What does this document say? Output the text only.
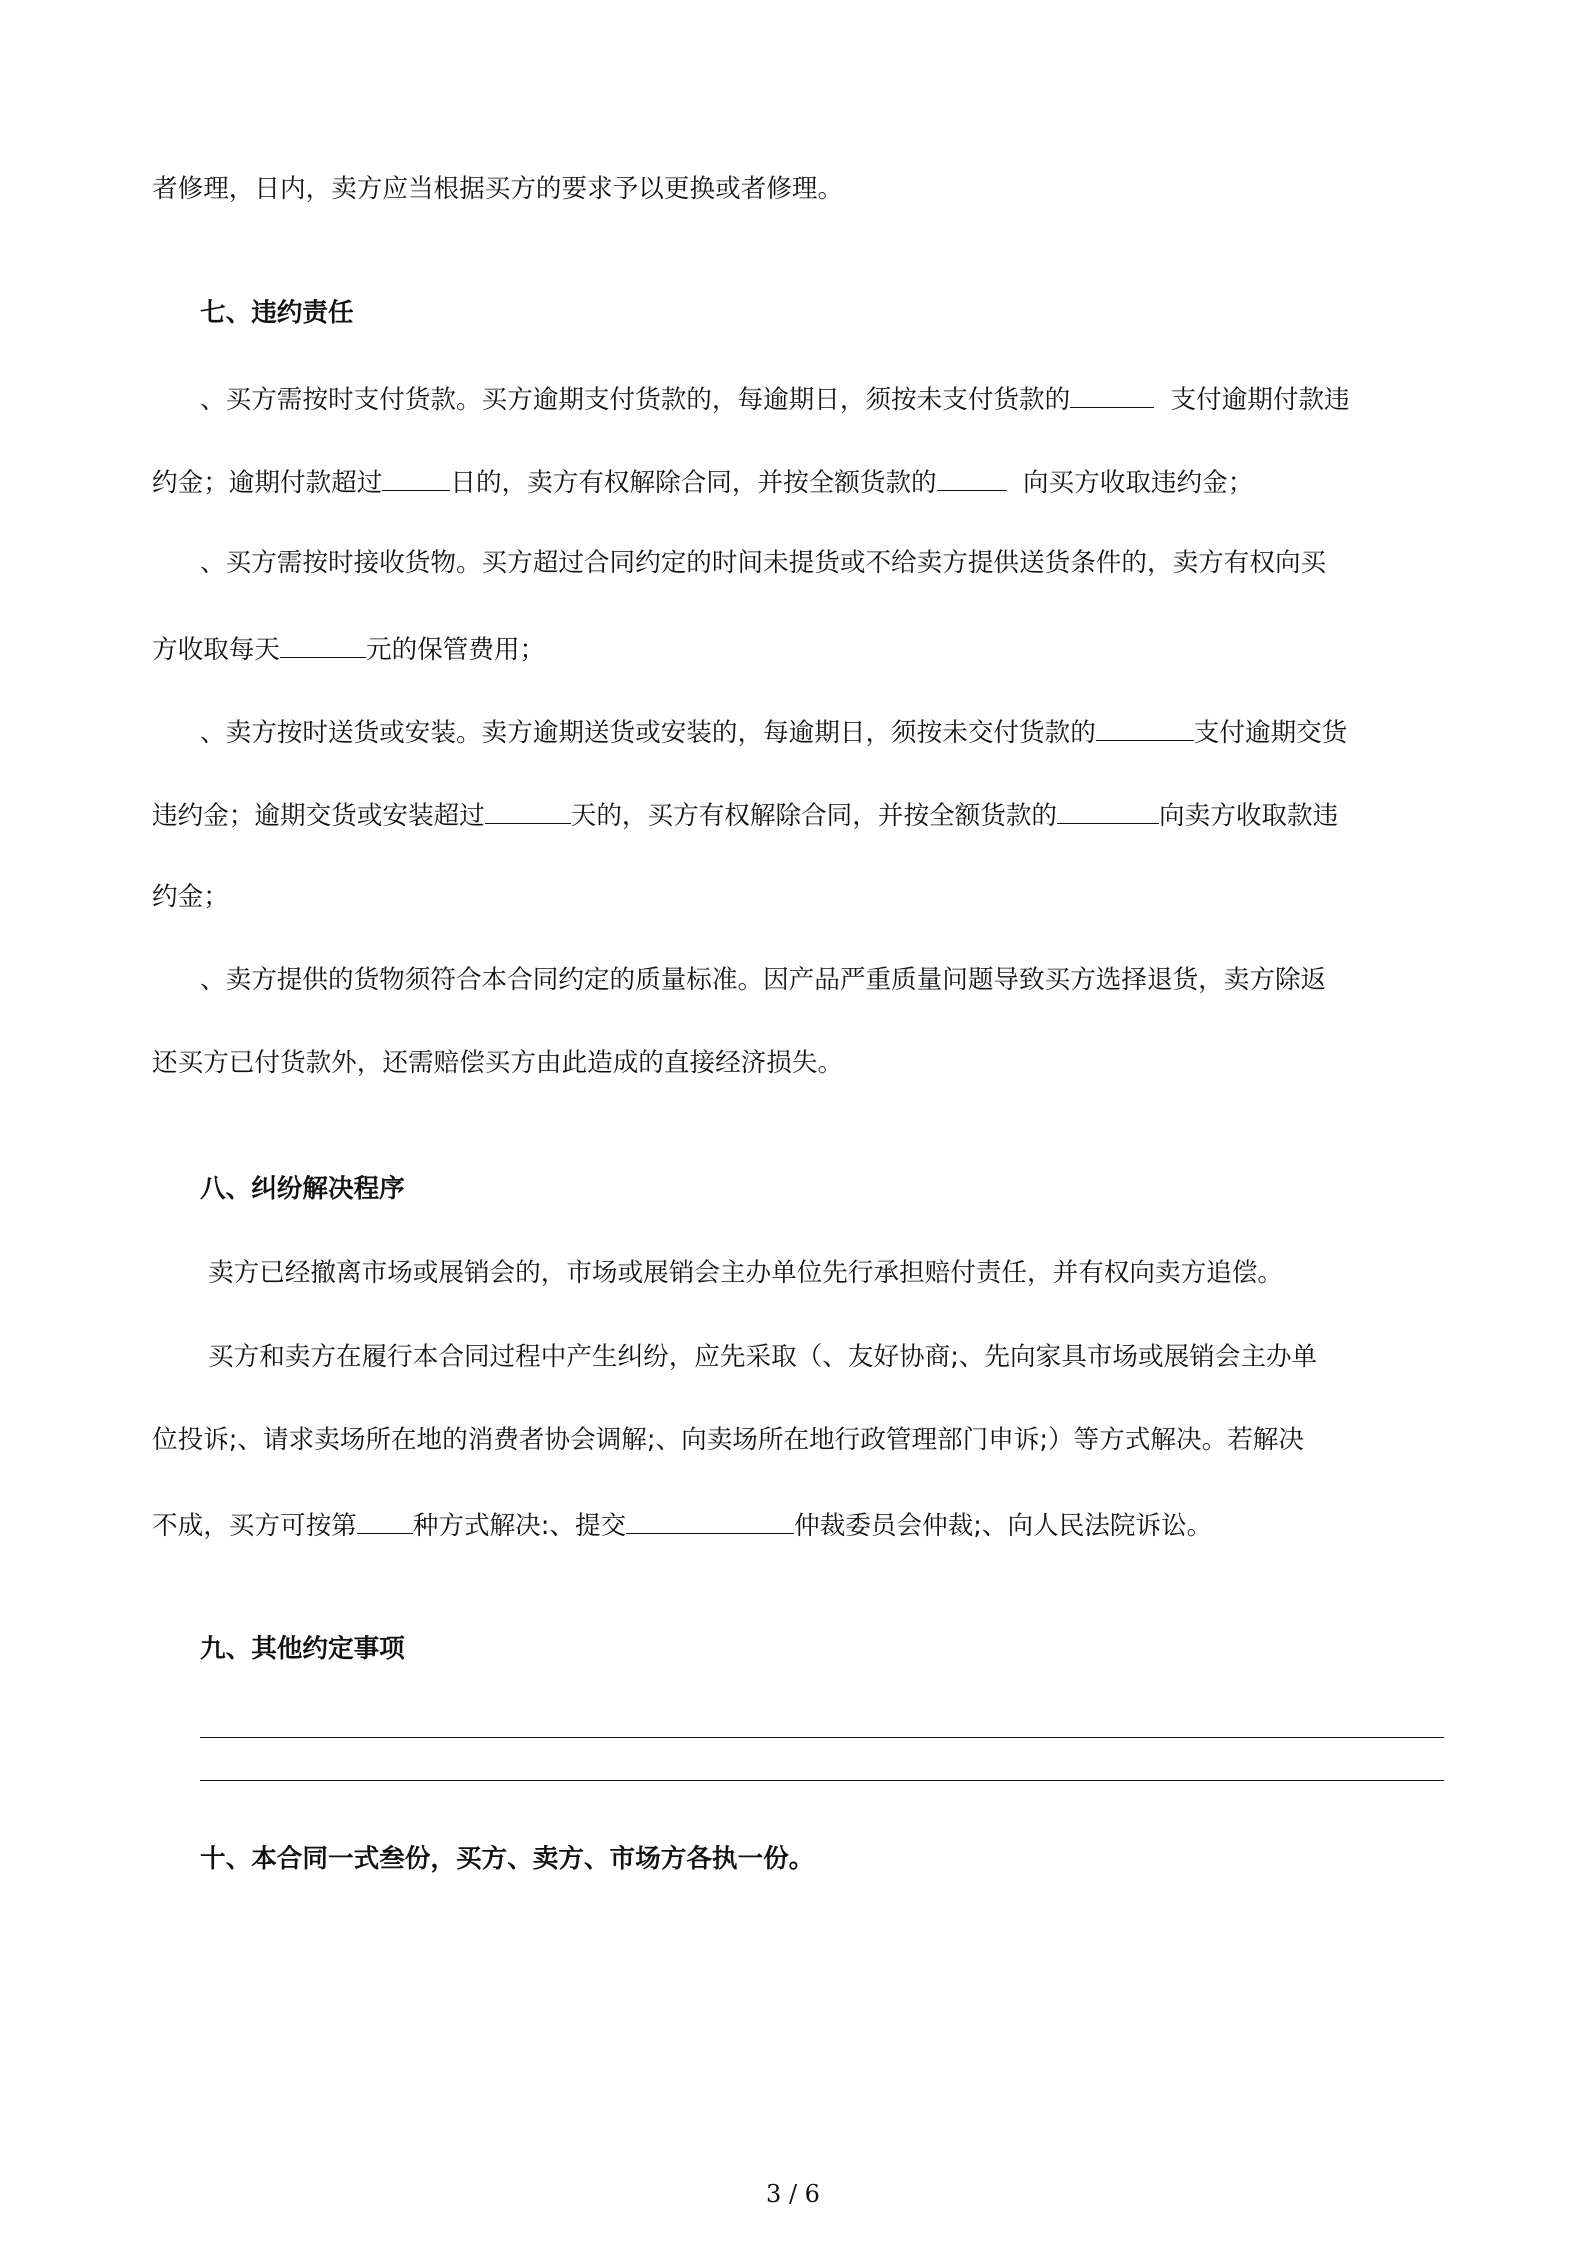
者修理，日内，卖方应当根据买方的要求予以更换或者修理。
七、违约责任
、买方需按时支付货款。买方逾期支付货款的，每逾期日，须按未支付货款的	支付逾期付款违
约金；逾期付款超过	日的，卖方有权解除合同，并按全额货款的	向买方收取违约金；
、买方需按时接收货物。买方超过合同约定的时间未提货或不给卖方提供送货条件的，卖方有权向买
方收取每天	元的保管费用；
、卖方按时送货或安装。卖方逾期送货或安装的，每逾期日，须按未交付货款的	支付逾期交货
违约金；逾期交货或安装超过	天的，买方有权解除合同，并按全额货款的	向卖方收取款违
约金；
、卖方提供的货物须符合本合同约定的质量标准。因产品严重质量问题导致买方选择退货，卖方除返
还买方已付货款外，还需赔偿买方由此造成的直接经济损失。
八、纠纷解决程序
卖方已经撤离市场或展销会的，市场或展销会主办单位先行承担赔付责任，并有权向卖方追偿。
买方和卖方在履行本合同过程中产生纠纷，应先采取（、友好协商;、先向家具市场或展销会主办单
位投诉;、请求卖场所在地的消费者协会调解;、向卖场所在地行政管理部门申诉;）等方式解决。若解决
不成，买方可按第 种方式解决:、提交	仲裁委员会仲裁;、向人民法院诉讼。
九、其他约定事项
十、本合同一式叁份，买方、卖方、市场方各执一份。
3 / 6
